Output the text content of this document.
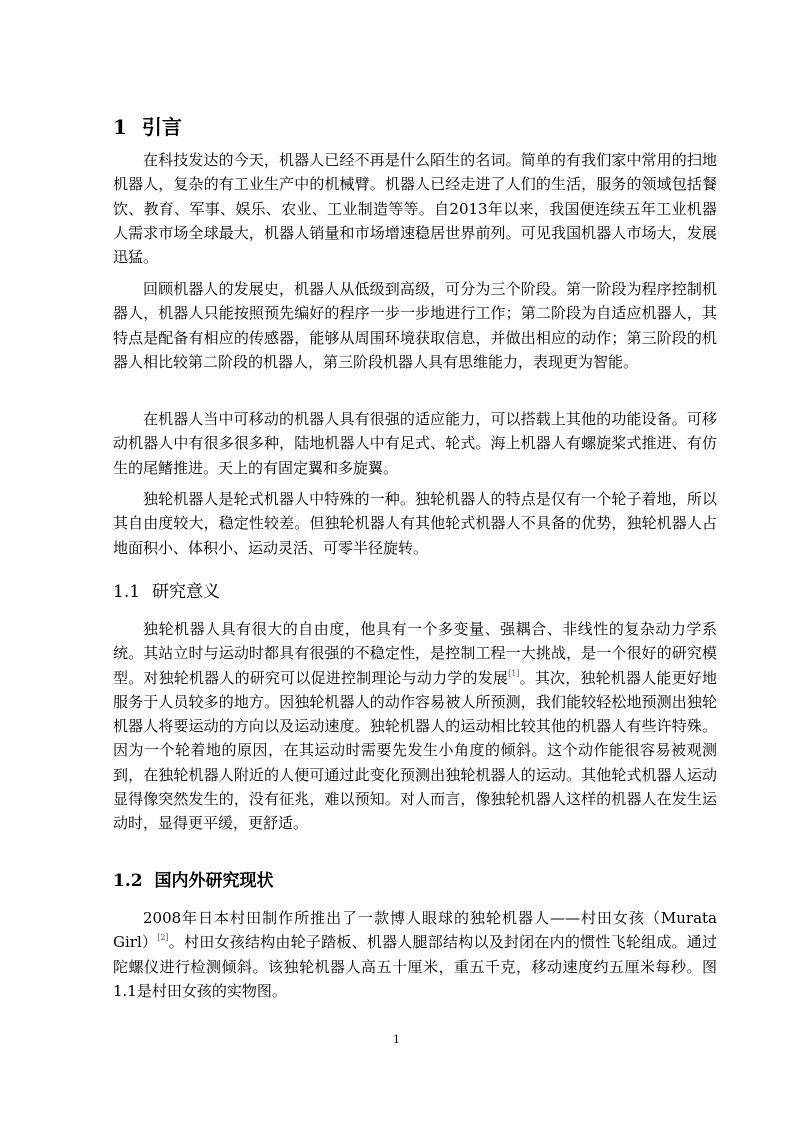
1 引言

在科技发达的今天，机器人已经不再是什么陌生的名词。简单的有我们家中常用的扫地机器人，复杂的有工业生产中的机械臂。机器人已经走进了人们的生活，服务的领域包括餐饮、教育、军事、娱乐、农业、工业制造等等。自2013年以来，我国便连续五年工业机器人需求市场全球最大，机器人销量和市场增速稳居世界前列。可见我国机器人市场大，发展迅猛。

回顾机器人的发展史，机器人从低级到高级，可分为三个阶段。第一阶段为程序控制机器人，机器人只能按照预先编好的程序一步一步地进行工作；第二阶段为自适应机器人，其特点是配备有相应的传感器，能够从周围环境获取信息，并做出相应的动作；第三阶段的机器人相比较第二阶段的机器人，第三阶段机器人具有思维能力，表现更为智能。

在机器人当中可移动的机器人具有很强的适应能力，可以搭载上其他的功能设备。可移动机器人中有很多很多种，陆地机器人中有足式、轮式。海上机器人有螺旋桨式推进、有仿生的尾鳍推进。天上的有固定翼和多旋翼。

独轮机器人是轮式机器人中特殊的一种。独轮机器人的特点是仅有一个轮子着地，所以其自由度较大，稳定性较差。但独轮机器人有其他轮式机器人不具备的优势，独轮机器人占地面积小、体积小、运动灵活、可零半径旋转。

1.1 研究意义

独轮机器人具有很大的自由度，他具有一个多变量、强耦合、非线性的复杂动力学系统。其站立时与运动时都具有很强的不稳定性，是控制工程一大挑战，是一个很好的研究模型。对独轮机器人的研究可以促进控制理论与动力学的发展[1]。其次，独轮机器人能更好地服务于人员较多的地方。因独轮机器人的动作容易被人所预测，我们能较轻松地预测出独轮机器人将要运动的方向以及运动速度。独轮机器人的运动相比较其他的机器人有些许特殊。因为一个轮着地的原因，在其运动时需要先发生小角度的倾斜。这个动作能很容易被观测到，在独轮机器人附近的人便可通过此变化预测出独轮机器人的运动。其他轮式机器人运动显得像突然发生的，没有征兆，难以预知。对人而言，像独轮机器人这样的机器人在发生运动时，显得更平缓，更舒适。

1.2 国内外研究现状

2008年日本村田制作所推出了一款博人眼球的独轮机器人——村田女孩（Murata Girl）[2]。村田女孩结构由轮子踏板、机器人腿部结构以及封闭在内的惯性飞轮组成。通过陀螺仪进行检测倾斜。该独轮机器人高五十厘米，重五千克，移动速度约五厘米每秒。图1.1是村田女孩的实物图。

1
